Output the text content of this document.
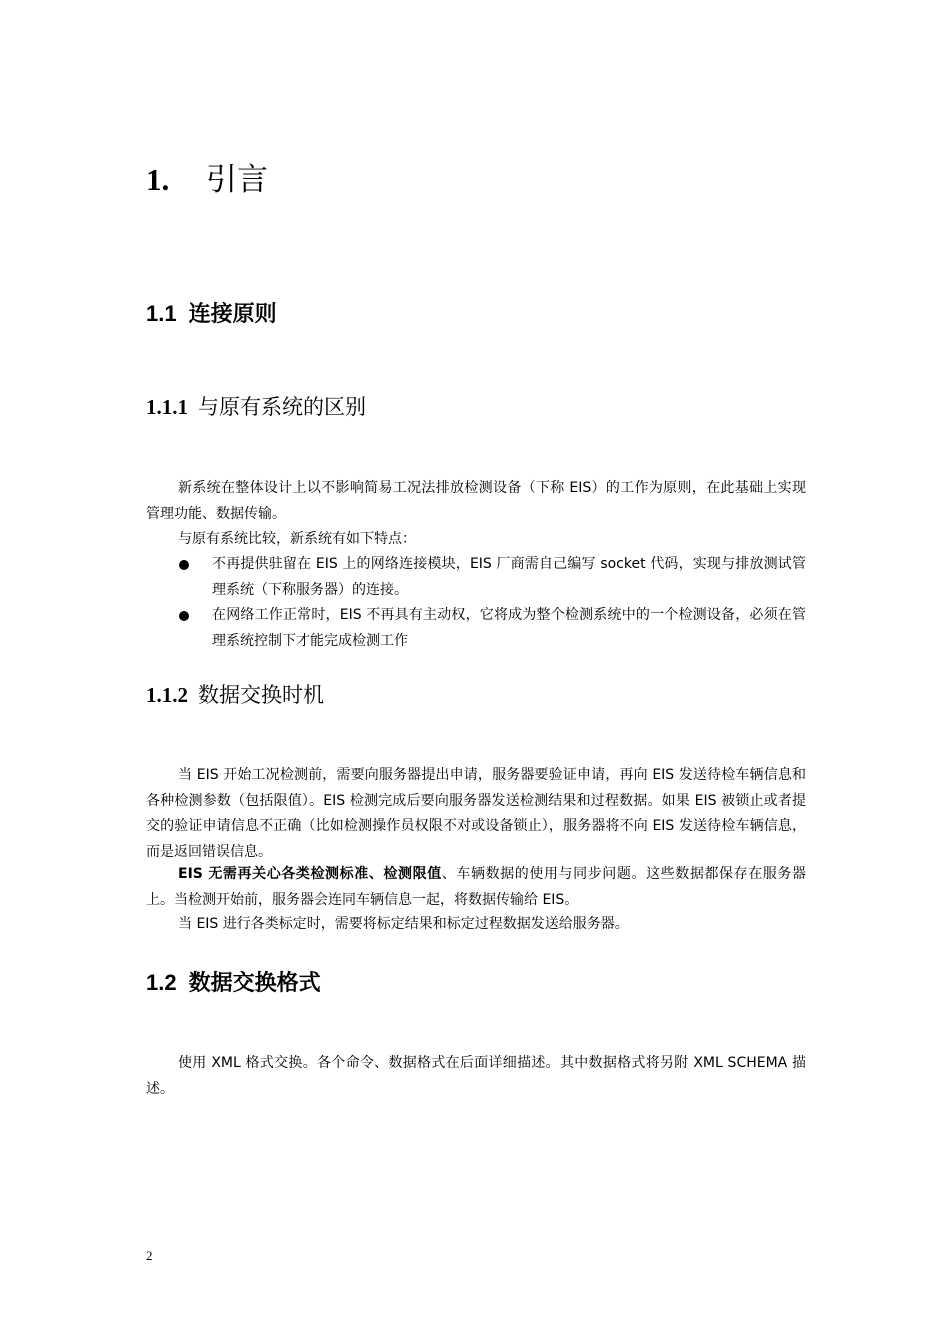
1. 引言
1.1 连接原则
1.1.1 与原有系统的区别

新系统在整体设计上以不影响简易工况法排放检测设备（下称 EIS）的工作为原则，在此基础上实现管理功能、数据传输。

与原有系统比较，新系统有如下特点：

不再提供驻留在 EIS 上的网络连接模块，EIS 厂商需自己编写 socket 代码，实现与排放测试管理系统（下称服务器）的连接。
在网络工作正常时，EIS 不再具有主动权，它将成为整个检测系统中的一个检测设备，必须在管理系统控制下才能完成检测工作
1.1.2 数据交换时机

当 EIS 开始工况检测前，需要向服务器提出申请，服务器要验证申请，再向 EIS 发送待检车辆信息和各种检测参数（包括限值）。EIS 检测完成后要向服务器发送检测结果和过程数据。如果 EIS 被锁止或者提交的验证申请信息不正确（比如检测操作员权限不对或设备锁止），服务器将不向 EIS 发送待检车辆信息，而是返回错误信息。

EIS 无需再关心各类检测标准、检测限值、车辆数据的使用与同步问题。这些数据都保存在服务器上。当检测开始前，服务器会连同车辆信息一起，将数据传输给 EIS。

当 EIS 进行各类标定时，需要将标定结果和标定过程数据发送给服务器。

1.2 数据交换格式

使用 XML 格式交换。各个命令、数据格式在后面详细描述。其中数据格式将另附 XML SCHEMA 描述。

2
